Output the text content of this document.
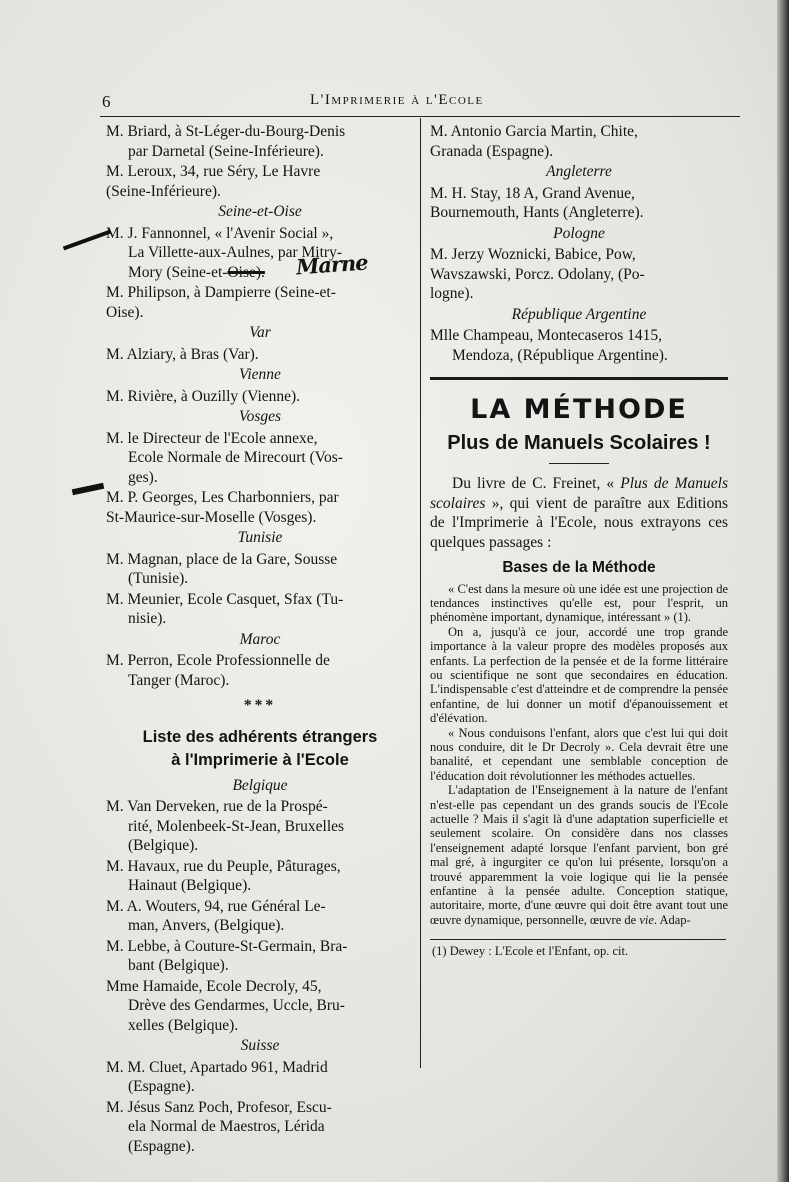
6	L'Imprimerie à l'Ecole
M. Briard, à St-Léger-du-Bourg-Denis
par Darnetal (Seine-Inférieure).
M. Leroux, 34, rue Séry, Le Havre
(Seine-Inférieure).
Seine-et-Oise
M. J. Fannonnel, « l'Avenir Social »,
La Villette-aux-Aulnes, par Mitry-
Mory (Seine-et-Oise).
M. Philipson, à Dampierre (Seine-et-
Oise).
Var
M. Alziary, à Bras (Var).
Vienne
M. Rivière, à Ouzilly (Vienne).
Vosges
M. le Directeur de l'Ecole annexe,
Ecole Normale de Mirecourt (Vos-
ges).
M. P. Georges, Les Charbonniers, par
St-Maurice-sur-Moselle (Vosges).
Tunisie
M. Magnan, place de la Gare, Sousse
(Tunisie).
M. Meunier, Ecole Casquet, Sfax (Tu-
nisie).
Maroc
M. Perron, Ecole Professionnelle de
Tanger (Maroc).
***
Liste des adhérents étrangers
à l'Imprimerie à l'Ecole
Belgique
M. Van Derveken, rue de la Prospé-
rité, Molenbeek-St-Jean, Bruxelles
(Belgique).
M. Havaux, rue du Peuple, Pâturages,
Hainaut (Belgique).
M. A. Wouters, 94, rue Général Le-
man, Anvers, (Belgique).
M. Lebbe, à Couture-St-Germain, Bra-
bant (Belgique).
Mme Hamaide, Ecole Decroly, 45,
Drève des Gendarmes, Uccle, Bru-
xelles (Belgique).
Suisse
M. M. Cluet, Apartado 961, Madrid
(Espagne).
M. Jésus Sanz Poch, Profesor, Escu-
ela Normal de Maestros, Lérida
(Espagne).
Marne
M. Antonio Garcia Martin, Chite,
Granada (Espagne).
Angleterre
M. H. Stay, 18 A, Grand Avenue,
Bournemouth, Hants (Angleterre).
Pologne
M. Jerzy Woznicki, Babice, Pow,
Wavszawski, Porcz. Odolany, (Po-
logne).
République Argentine
Mlle Champeau, Montecaseros 1415,
Mendoza, (République Argentine).
LA MÉTHODE
Plus de Manuels Scolaires !

Du livre de C. Freinet, « Plus de Manuels scolaires », qui vient de paraître aux Editions de l'Imprimerie à l'Ecole, nous extrayons ces quelques passages :

Bases de la Méthode

« C'est dans la mesure où une idée est une projection de tendances instinctives qu'elle est, pour l'esprit, un phénomène important, dynamique, intéressant » (1).

On a, jusqu'à ce jour, accordé une trop grande importance à la valeur propre des modèles proposés aux enfants. La perfection de la pensée et de la forme littéraire ou scientifique ne sont que secondaires en éducation. L'indispensable c'est d'atteindre et de comprendre la pensée enfantine, de lui donner un motif d'épanouissement et d'élévation.

« Nous conduisons l'enfant, alors que c'est lui qui doit nous conduire, dit le Dr Decroly ». Cela devrait être une banalité, et cependant une semblable conception de l'éducation doit révolutionner les méthodes actuelles.

L'adaptation de l'Enseignement à la nature de l'enfant n'est-elle pas cependant un des grands soucis de l'Ecole actuelle ? Mais il s'agit là d'une adaptation superficielle et seulement scolaire. On considère dans nos classes l'enseignement adapté lorsque l'enfant parvient, bon gré mal gré, à ingurgiter ce qu'on lui présente, lorsqu'on a trouvé apparemment la voie logique qui lie la pensée enfantine à la pensée adulte. Conception statique, autoritaire, morte, d'une œuvre qui doit être avant tout une œuvre dynamique, personnelle, œuvre de vie. Adap-

(1) Dewey : L'Ecole et l'Enfant, op. cit.
